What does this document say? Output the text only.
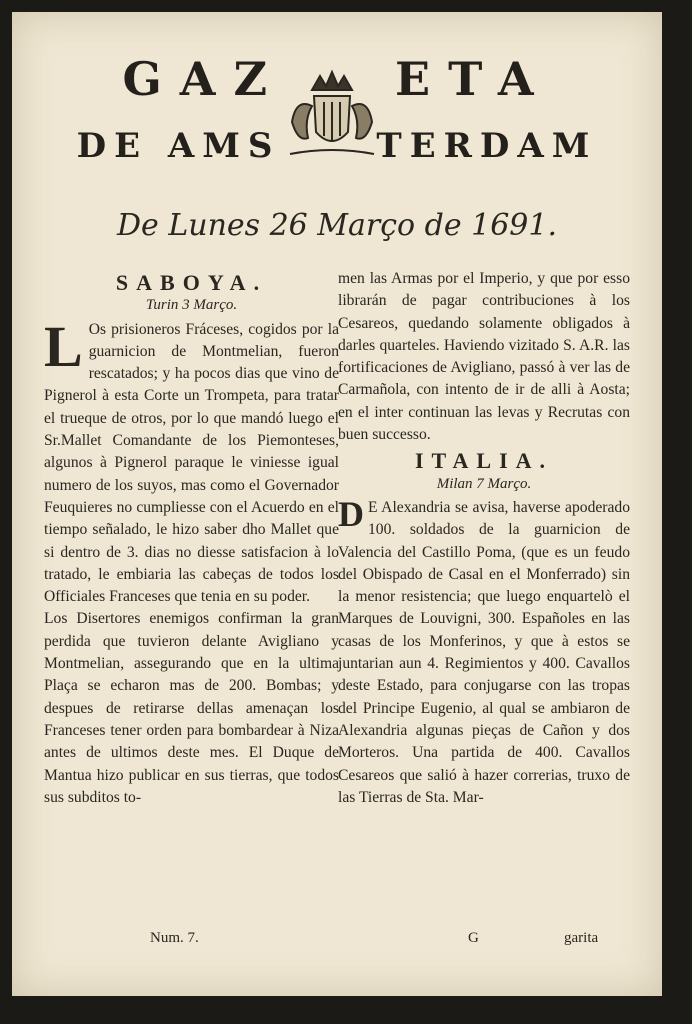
GAZ ETA
DE AMS	TERDAM
De Lunes 26 Março de 1691.
SABOYA.
Turin 3 Março.

L Os prisioneros Fráceses, cogidos por la guarnicion de Montmelian, fueron rescatados; y ha pocos dias que vino de Pignerol à esta Corte un Trompeta, para tratar el trueque de otros, por lo que mandó luego el Sr.Mallet Comandante de los Piemonteses, algunos à Pignerol paraque le viniesse igual numero de los suyos, mas como el Governador Feuquieres no cumpliesse con el Acuerdo en el tiempo señalado, le hizo saber dho Mallet que si dentro de 3. dias no diesse satisfacion à lo tratado, le embiaria las cabeças de todos los Officiales Franceses que tenia en su poder.

Los Disertores enemigos confirman la gran perdida que tuvieron delante Avigliano y Montmelian, assegurando que en la ultima Plaça se echaron mas de 200. Bombas; y despues de retirarse dellas amenaçan los Franceses tener orden para bombardear à Niza antes de ultimos deste mes. El Duque de Mantua hizo publicar en sus tierras, que todos sus subditos to-

men las Armas por el Imperio, y que por esso librarán de pagar contribuciones à los Cesareos, quedando solamente obligados à darles quarteles. Haviendo vizitado S. A.R. las fortificaciones de Avigliano, passó à ver las de Carmañola, con intento de ir de alli à Aosta; en el inter continuan las levas y Recrutas con buen successo.

ITALIA.
Milan 7 Março.

D E Alexandria se avisa, haverse apoderado 100. soldados de la guarnicion de Valencia del Castillo Poma, (que es un feudo del Obispado de Casal en el Monferrado) sin la menor resistencia; que luego enquartelò el Marques de Louvigni, 300. Españoles en las casas de los Monferinos, y que à estos se juntarian aun 4. Regimientos y 400. Cavallos deste Estado, para conjugarse con las tropas del Principe Eugenio, al qual se ambiaron de Alexandria algunas pieças de Cañon y dos Morteros. Una partida de 400. Cavallos Cesareos que salió à hazer correrias, truxo de las Tierras de Sta. Mar-

Num. 7.	G	garita
